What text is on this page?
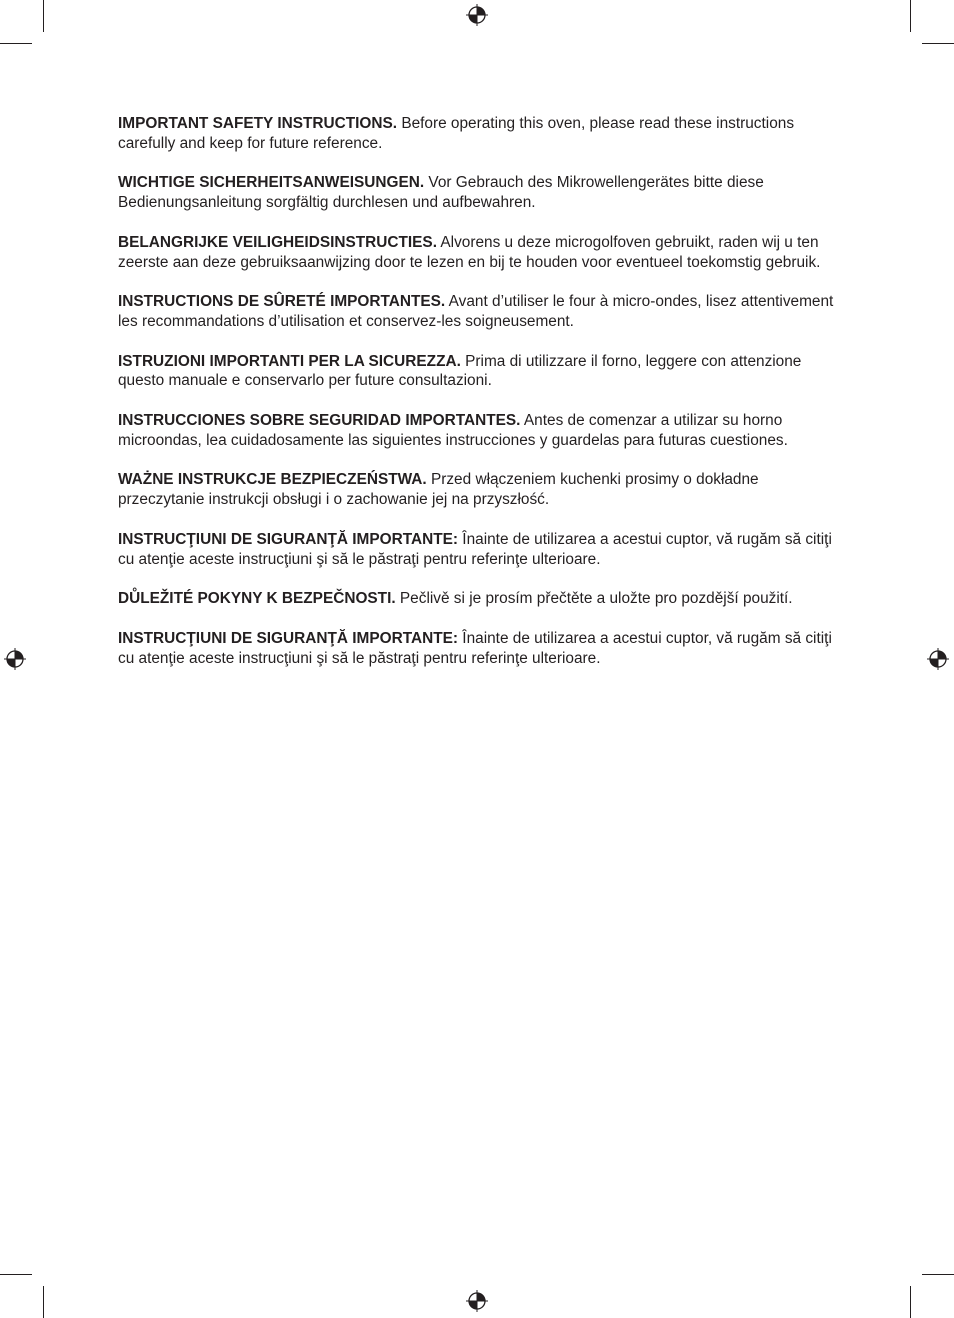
IMPORTANT SAFETY INSTRUCTIONS. Before operating this oven, please read these instructions carefully and keep for future reference.

WICHTIGE SICHERHEITSANWEISUNGEN. Vor Gebrauch des Mikrowellengerätes bitte diese Bedienungsanleitung sorgfältig durchlesen und aufbewahren.

BELANGRIJKE VEILIGHEIDSINSTRUCTIES. Alvorens u deze microgolfoven gebruikt, raden wij u ten zeerste aan deze gebruiksaanwijzing door te lezen en bij te houden voor eventueel toekomstig gebruik.

INSTRUCTIONS DE SÛRETÉ IMPORTANTES. Avant d’utiliser le four à micro-ondes, lisez attentivement les recommandations d’utilisation et conservez-les soigneusement.

ISTRUZIONI IMPORTANTI PER LA SICUREZZA. Prima di utilizzare il forno, leggere con attenzione questo manuale e conservarlo per future consultazioni.

INSTRUCCIONES SOBRE SEGURIDAD IMPORTANTES. Antes de comenzar a utilizar su horno microondas, lea cuidadosamente las siguientes instrucciones y guardelas para futuras cuestiones.

WAŻNE INSTRUKCJE BEZPIECZEŃSTWA. Przed włączeniem kuchenki prosimy o dokładne przeczytanie instrukcji obsługi i o zachowanie jej na przyszłość.

INSTRUCŢIUNI DE SIGURANŢĂ IMPORTANTE: Înainte de utilizarea a acestui cuptor, vă rugăm să citiţi cu atenţie aceste instrucţiuni şi să le păstraţi pentru referinţe ulterioare.

DŮLEŽITÉ POKYNY K BEZPEČNOSTI. Pečlivě si je prosím přečtěte a uložte pro pozdější použití.

INSTRUCŢIUNI DE SIGURANŢĂ IMPORTANTE: Înainte de utilizarea a acestui cuptor, vă rugăm să citiţi cu atenţie aceste instrucţiuni şi să le păstraţi pentru referinţe ulterioare.
